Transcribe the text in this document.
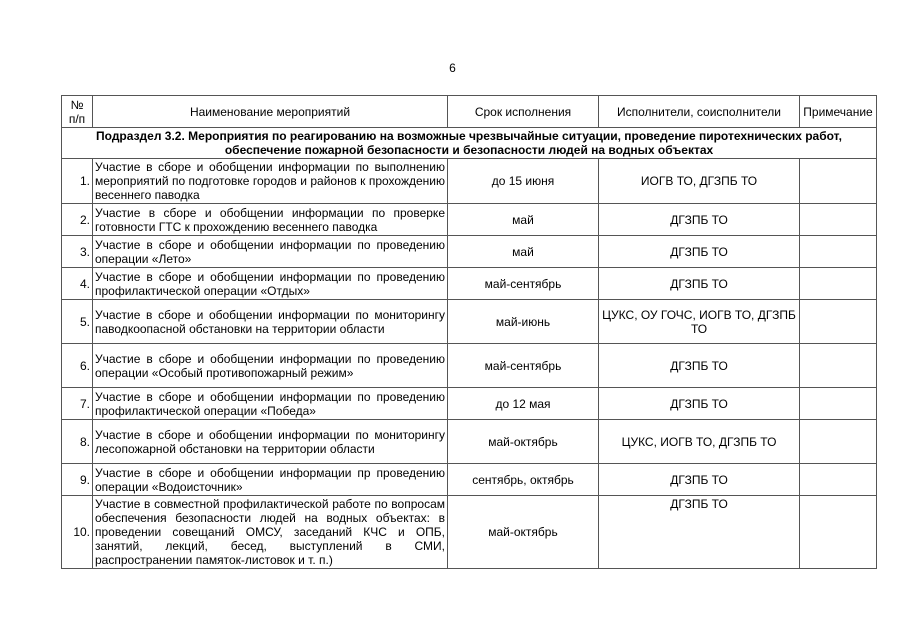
6
№ п/п	Наименование мероприятий	Срок исполнения	Исполнители, соисполнители	Примечание
Подраздел 3.2. Мероприятия по реагированию на возможные чрезвычайные ситуации, проведение пиротехнических работ, обеспечение пожарной безопасности и безопасности людей на водных объектах				
1.	Участие в сборе и обобщении информации по выполнению мероприятий по подготовке городов и районов к прохождению весеннего паводка	до 15 июня	ИОГВ ТО, ДГЗПБ ТО	
2.	Участие в сборе и обобщении информации по проверке готовности ГТС к прохождению весеннего паводка	май	ДГЗПБ ТО	
3.	Участие в сборе и обобщении информации по проведению операции «Лето»	май	ДГЗПБ ТО	
4.	Участие в сборе и обобщении информации по проведению профилактической операции «Отдых»	май-сентябрь	ДГЗПБ ТО	
5.	Участие в сборе и обобщении информации по мониторингу паводкоопасной обстановки на территории области	май-июнь	ЦУКС, ОУ ГОЧС, ИОГВ ТО, ДГЗПБ ТО	
6.	Участие в сборе и обобщении информации по проведению операции «Особый противопожарный режим»	май-сентябрь	ДГЗПБ ТО	
7.	Участие в сборе и обобщении информации по проведению профилактической операции «Победа»	до 12 мая	ДГЗПБ ТО	
8.	Участие в сборе и обобщении информации по мониторингу лесопожарной обстановки на территории области	май-октябрь	ЦУКС, ИОГВ ТО, ДГЗПБ ТО	
9.	Участие в сборе и обобщении информации пр проведению операции «Водоисточник»	сентябрь, октябрь	ДГЗПБ ТО	
10.	Участие в совместной профилактической работе по вопросам обеспечения безопасности людей на водных объектах: в проведении совещаний ОМСУ, заседаний КЧС и ОПБ, занятий, лекций, бесед, выступлений в СМИ, распространении памяток-листовок и т. п.)	май-октябрь	ДГЗПБ ТО	
